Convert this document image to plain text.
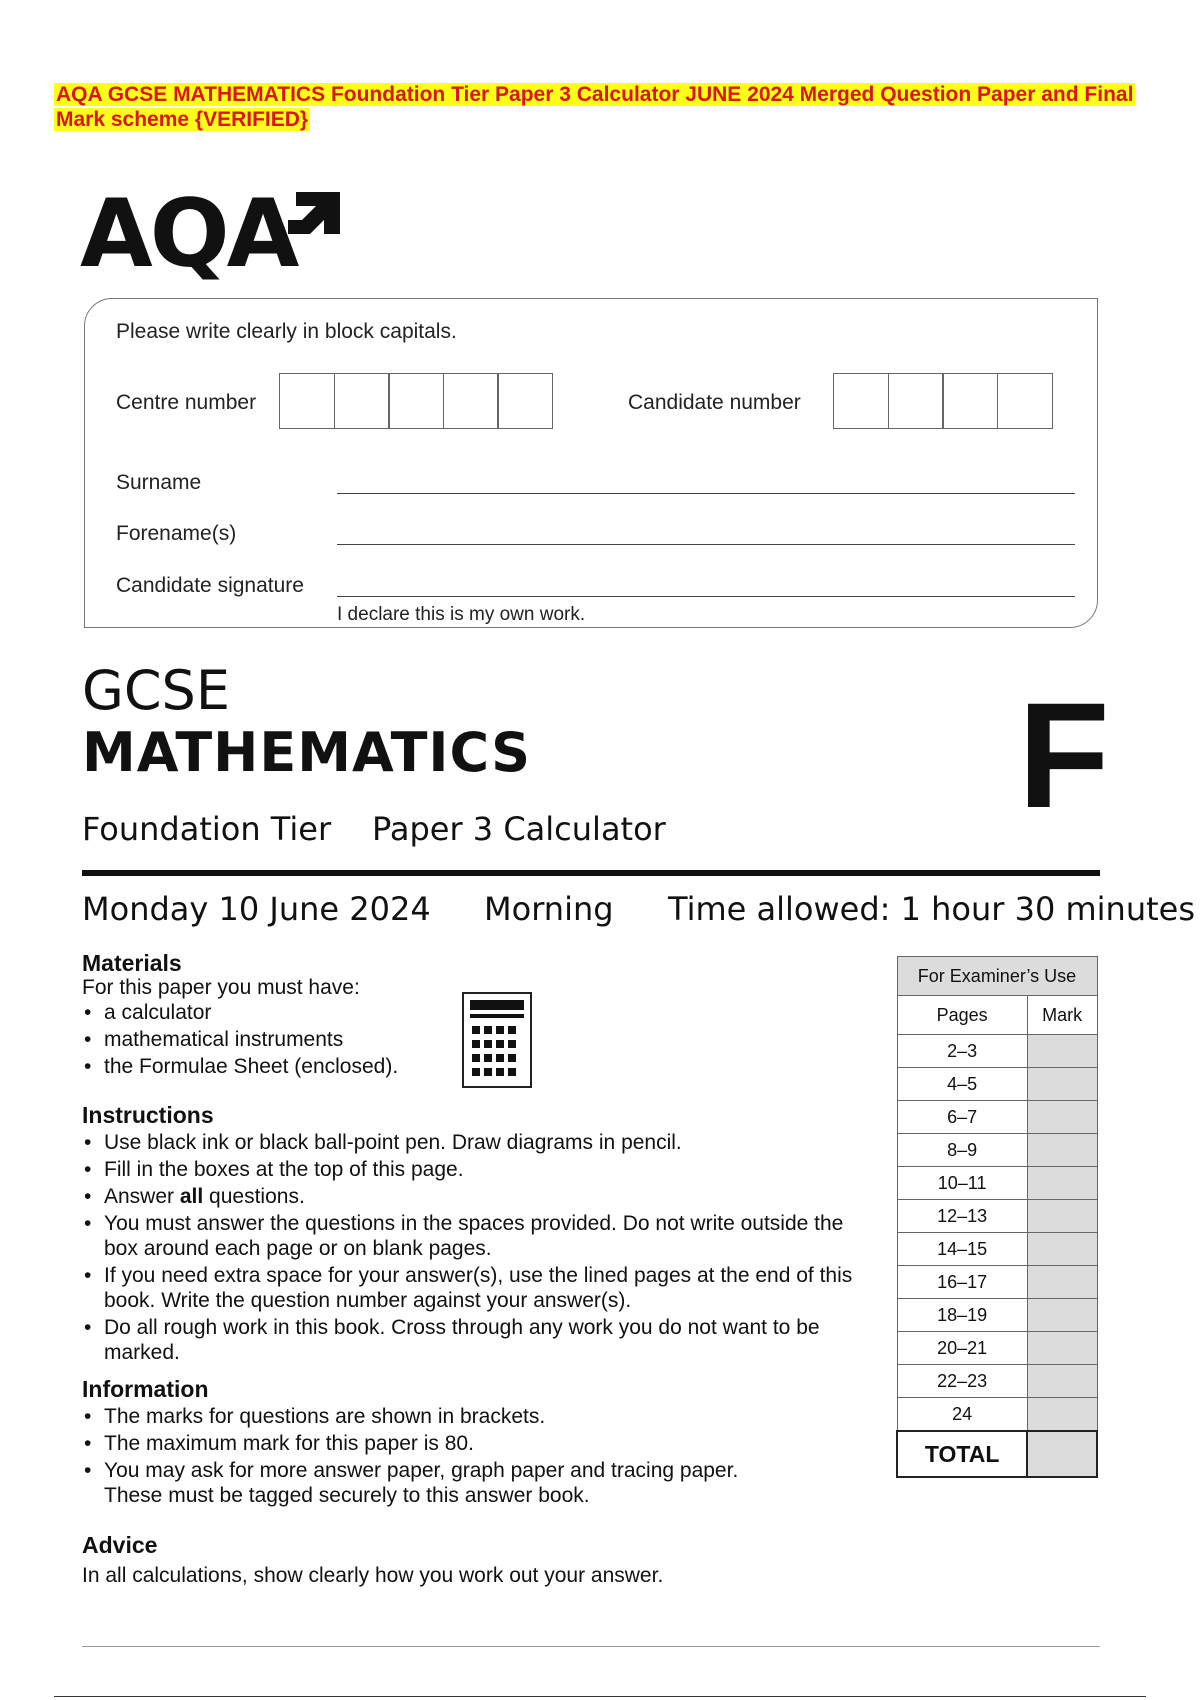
AQA GCSE MATHEMATICS Foundation Tier Paper 3 Calculator JUNE 2024 Merged Question Paper and Final Mark scheme {VERIFIED}
AQA
Please write clearly in block capitals.
Centre number	Candidate number
Surname
Forename(s)
Candidate signature
I declare this is my own work.
GCSE
MATHEMATICS	F
Foundation Tier Paper 3 Calculator
Monday 10 June 2024 Morning Time allowed: 1 hour 30 minutes
Materials
For this paper you must have:
• a calculator
• mathematical instruments
• the Formulae Sheet (enclosed).
Instructions
• Use black ink or black ball-point pen. Draw diagrams in pencil.
• Fill in the boxes at the top of this page.
• Answer all questions.
• You must answer the questions in the spaces provided. Do not write outside the box around each page or on blank pages.
• If you need extra space for your answer(s), use the lined pages at the end of this book. Write the question number against your answer(s).
• Do all rough work in this book. Cross through any work you do not want to be marked.
Information
• The marks for questions are shown in brackets.
• The maximum mark for this paper is 80.
• You may ask for more answer paper, graph paper and tracing paper. These must be tagged securely to this answer book.
Advice
In all calculations, show clearly how you work out your answer.
For Examiner’s Use	
Pages	Mark
2–3	
4–5	
6–7	
8–9	
10–11	
12–13	
14–15	
16–17	
18–19	
20–21	
22–23	
24	
TOTAL	
